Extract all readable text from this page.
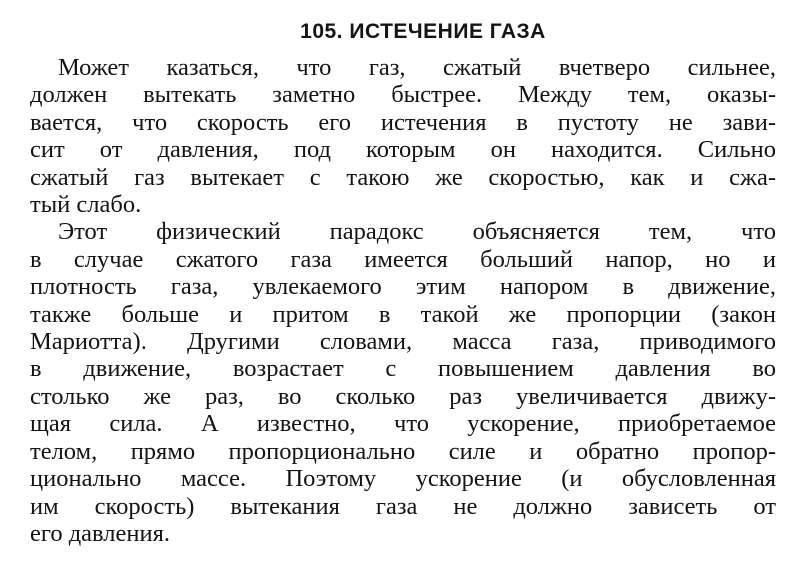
105. ИСТЕЧЕНИЕ ГАЗА
Может казаться, что газ, сжатый вчетверо сильнее,
должен вытекать заметно быстрее. Между тем, оказы-
вается, что скорость его истечения в пустоту не зави-
сит от давления, под которым он находится. Сильно
сжатый газ вытекает с такою же скоростью, как и сжа-
тый слабо.
Этот физический парадокс объясняется тем, что
в случае сжатого газа имеется больший напор, но и
плотность газа, увлекаемого этим напором в движение,
также больше и притом в такой же пропорции (закон
Мариотта). Другими словами, масса газа, приводимого
в движение, возрастает с повышением давления во
столько же раз, во сколько раз увеличивается движу-
щая сила. А известно, что ускорение, приобретаемое
телом, прямо пропорционально силе и обратно пропор-
ционально массе. Поэтому ускорение (и обусловленная
им скорость) вытекания газа не должно зависеть от
его давления.
